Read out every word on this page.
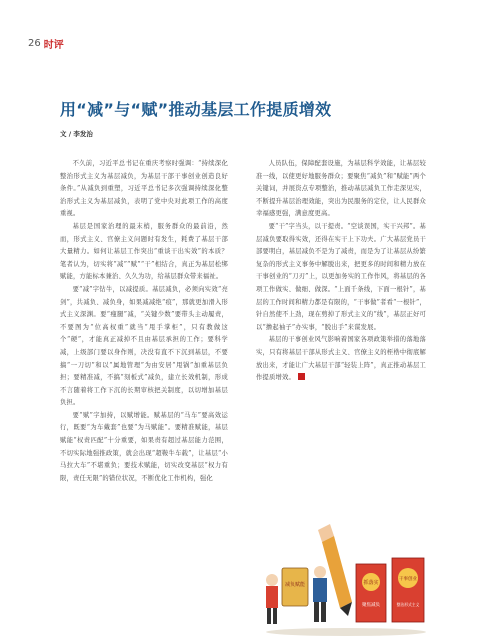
26 时评
用“减”与“赋”推动基层工作提质增效
文 / 李发治

不久前，习近平总书记在重庆考察时强调：“持续深化整治形式主义为基层减负，为基层干部干事创业创造良好条件。”从减负到重塑，习近平总书记多次强调持续深化整治形式主义为基层减负，表明了党中央对此项工作的高度重视。

基层是国家治理的最末梢，服务群众的最前沿，然而，形式主义、官僚主义问题时有发生，耗费了基层干部大量精力。如何让基层工作突出“重谈干出实效”的本质？笔者认为，切实将“减”“赋”“干”相结合，真正为基层松绑赋能，方能标本兼治、久久为功，给基层群众带来福祉。

要“减”字钻牛，以减提质。基层减负，必须向实效“亮剑”，共减负、减负身，如果减减绝“痕”，那就更加滑入形式主义深渊。要“瘦腿”减，“关键少数”要带头主动履责，不要图为“位高权重”就当“甩手掌柜”，只有教做这个“硬”，才能真正减掉不且由基层承担的工作；要科学减，上级部门要以身作则，决没有直不下沉到基层，不要搞“一刀切”和以“属地管理”为由安居“甩锅”加重基层负担；要精准减，不搞“刻板式”减负，建立长效机制，形成不言随着将工作下沉的长期审核把关制度，以切增加基层负担。

要“赋”字加持，以赋增能。赋基层的“马车”要高效运行，既要“为车戴套”也要“为马赋能”。要精准赋能，基层赋能“权责匹配”十分重要，如果责有超过基层能力范围，不切实际地强推政策，就会出现“超鞍牛车载”，让基层“小马拉大车”不堪重负；要技术赋能，切实改变基层“权力有限，责任无限”的错位状况，不断优化工作机构，强化

人员队伍，保障配套设施，为基层科学效能，让基层较准一线，以使更好地服务群众；要聚焦“减负”和“赋能”两个关键词，并展资点专项整治，推动基层减负工作走深见实，不断提升基层治理效能，突出为民服务的定位，让人民群众幸福感更强，满意度更高。

要“干”字当头，以干提责。“空谈误国，实干兴邦”。基层减负要取得实效，还得在实干上下功夫。广大基层党员干部要明白，基层减负不是为了减责，而是为了让基层从纷繁复杂的形式主义事务中解脱出来，把更多的时间和精力放在干事创业的“刀刃”上，以更加务实的工作作风，将基层的各项工作做实、做细、做深。“上面千条线，下面一根针”，基层的工作时间和精力都是有限的，“干事做”者看“一根针”，针自然使不上劲，现在剪掉了形式主义的“线”，基层正好可以“撸起袖子”办实事，“脱出手”来谋发展。

基层的干事创业风气影响着国家各项政策举措的落地落实，只有将基层干部从形式主义、官僚主义的桎梏中彻底解放出来，才能让广大基层干部“轻装上阵”，真正推动基层工作提质增效。

减负赋能	抓落实
聚焦减负
干事创业
整治形式主义
